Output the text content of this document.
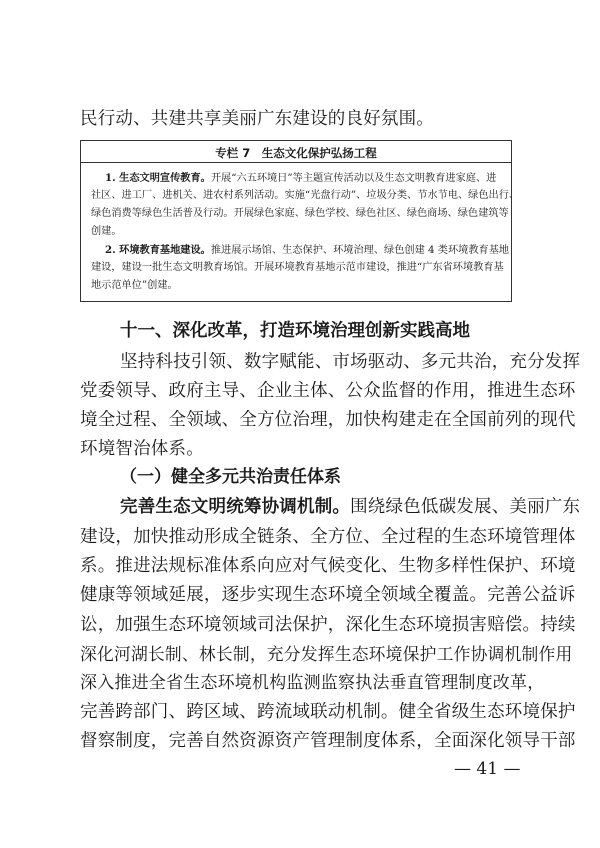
民行动、共建共享美丽广东建设的良好氛围。
专栏 7　生态文化保护弘扬工程
1. 生态文明宣传教育。开展“六五环境日”等主题宣传活动以及生态文明教育进家庭、进
社区、进工厂、进机关、进农村系列活动。实施“光盘行动”、垃圾分类、节水节电、绿色出行、
绿色消费等绿色生活普及行动。开展绿色家庭、绿色学校、绿色社区、绿色商场、绿色建筑等
创建。
2. 环境教育基地建设。推进展示场馆、生态保护、环境治理、绿色创建 4 类环境教育基地
建设，建设一批生态文明教育场馆。开展环境教育基地示范市建设，推进“广东省环境教育基
地示范单位”创建。
十一、深化改革，打造环境治理创新实践高地
坚持科技引领、数字赋能、市场驱动、多元共治，充分发挥
党委领导、政府主导、企业主体、公众监督的作用，推进生态环
境全过程、全领域、全方位治理，加快构建走在全国前列的现代
环境智治体系。
（一）健全多元共治责任体系
完善生态文明统筹协调机制。围绕绿色低碳发展、美丽广东
建设，加快推动形成全链条、全方位、全过程的生态环境管理体
系。推进法规标准体系向应对气候变化、生物多样性保护、环境
健康等领域延展，逐步实现生态环境全领域全覆盖。完善公益诉
讼，加强生态环境领域司法保护，深化生态环境损害赔偿。持续
深化河湖长制、林长制，充分发挥生态环境保护工作协调机制作用
深入推进全省生态环境机构监测监察执法垂直管理制度改革，
完善跨部门、跨区域、跨流域联动机制。健全省级生态环境保护
督察制度，完善自然资源资产管理制度体系，全面深化领导干部
— 41 —
